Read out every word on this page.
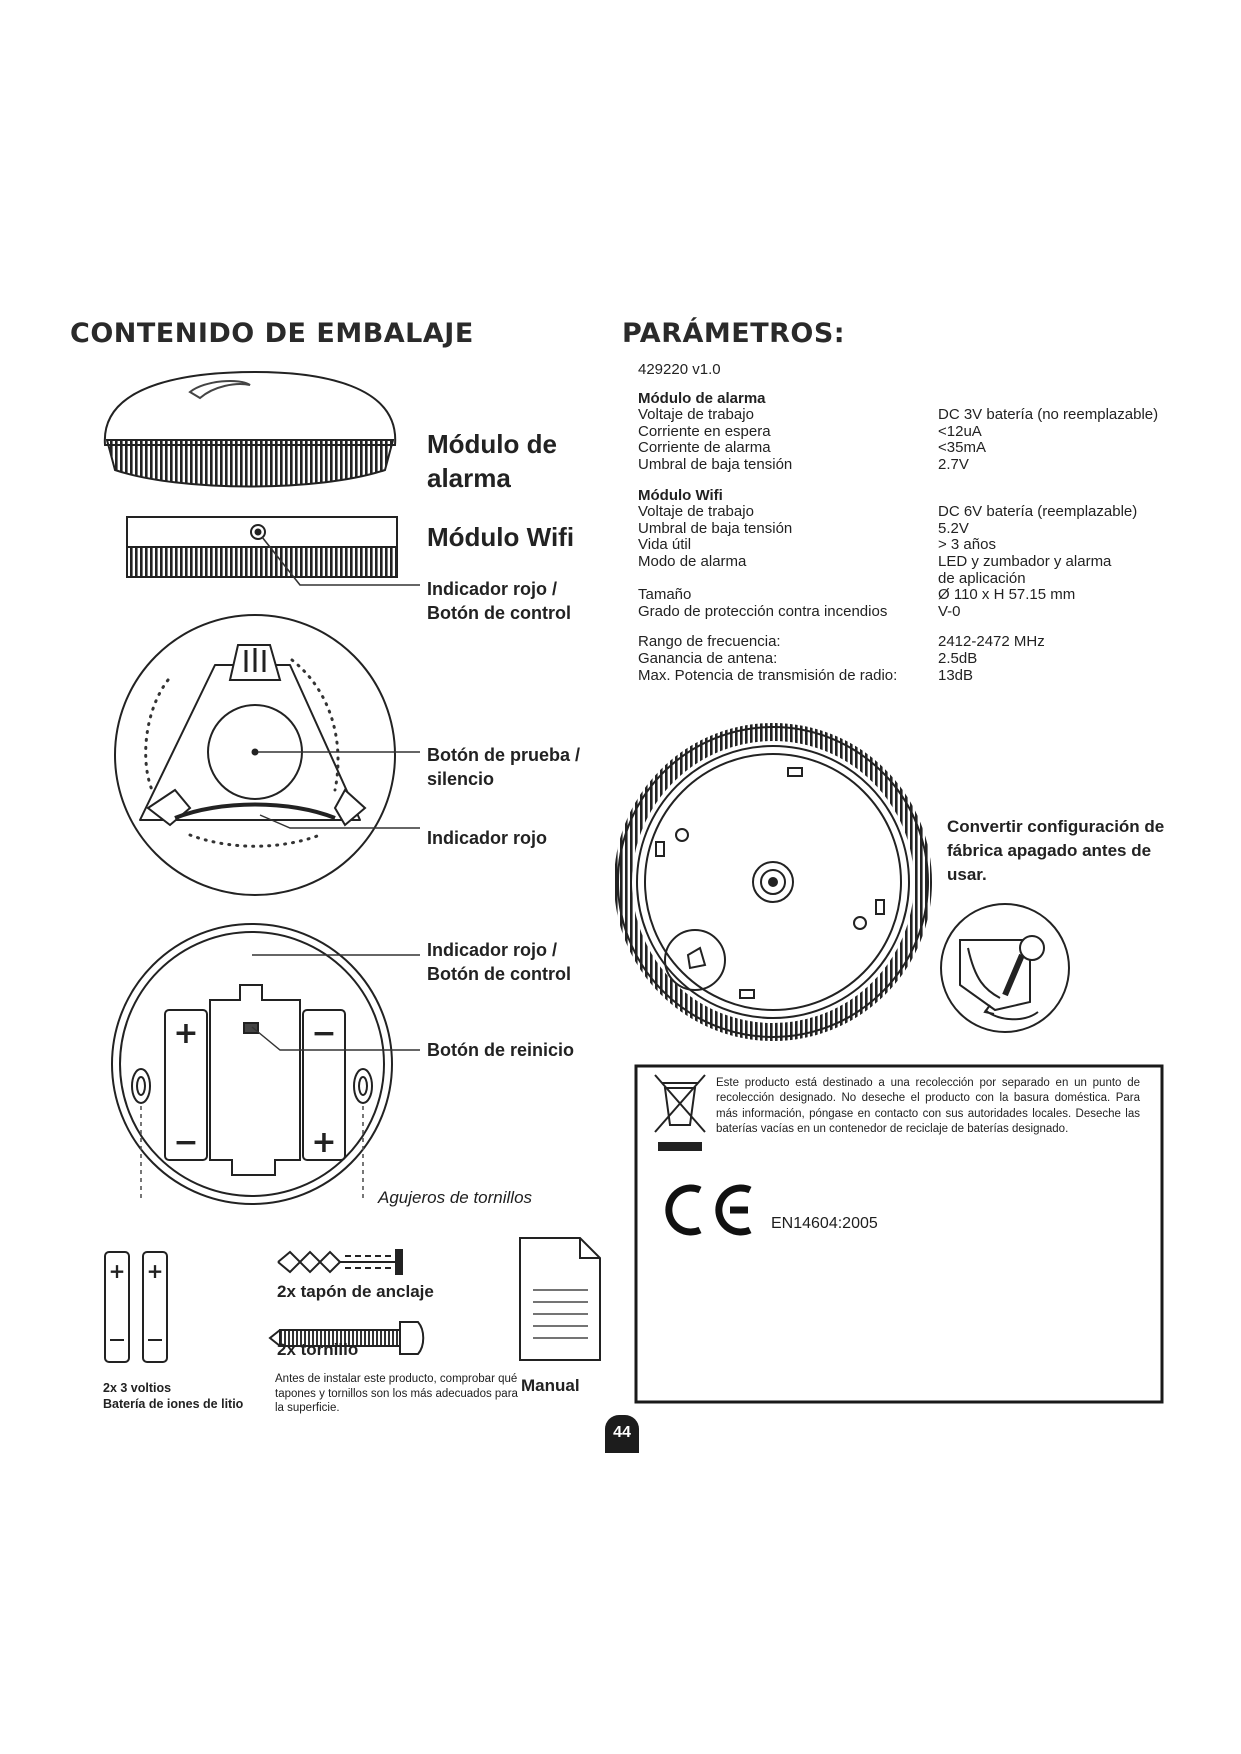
+
−
−
+
+ +
CONTENIDO DE EMBALAJE	PARÁMETROS:
Módulo de alarma
Módulo Wifi
Indicador rojo / Botón de control
Botón de prueba / silencio
Indicador rojo
Indicador rojo / Botón de control
Botón de reinicio
Agujeros de tornillos
2x 3 voltios
Batería de iones de litio
2x tapón de anclaje
2x tornillo
Antes de instalar este producto, comprobar qué tapones y tornillos son los más adecuados para la superficie.
Manual
429220 v1.0
Módulo de alarma
Voltaje de trabajo	DC 3V batería (no reemplazable)
Corriente en espera	<12uA
Corriente de alarma	<35mA
Umbral de baja tensión	2.7V
Módulo Wifi
Voltaje de trabajo	DC 6V batería (reemplazable)
Umbral de baja tensión	5.2V
Vida útil	> 3 años
Modo de alarma	LED y zumbador y alarma
de aplicación
Tamaño	Ø 110 x H 57.15 mm
Grado de protección contra incendios	V-0
Rango de frecuencia:	2412-2472 MHz
Ganancia de antena:	2.5dB
Max. Potencia de transmisión de radio:	13dB
Convertir configuración de fábrica apagado antes de usar.
Este producto está destinado a una recolección por separado en un punto de recolección designado. No deseche el producto con la basura doméstica. Para más información, póngase en contacto con sus autoridades locales. Deseche las baterías vacías en un contenedor de reciclaje de baterías designado.
EN14604:2005
44
